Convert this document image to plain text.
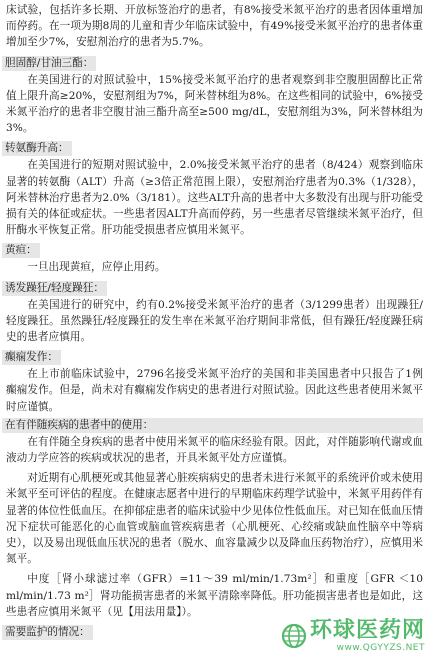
床试验，包括许多长期、开放标签治疗的患者，有8%接受米氮平治疗的患者因体重增加而停药。在一项为期8周的儿童和青少年临床试验中，有49%接受米氮平治疗的患者体重增加至少7%，安慰剂治疗的患者为5.7%。

胆固醇/甘油三酯：

在美国进行的对照试验中，15%接受米氮平治疗的患者观察到非空腹胆固醇比正常值上限升高≥20%，安慰剂组为7%，阿米替林组为8%。在这些相同的试验中，6%接受米氮平治疗的患者非空腹甘油三酯升高至≥500 mg/dL，安慰剂组为3%，阿米替林组为3%。

转氨酶升高：

在美国进行的短期对照试验中，2.0%接受米氮平治疗的患者（8/424）观察到临床显著的转氨酶（ALT）升高（≥3倍正常范围上限），安慰剂治疗患者为0.3%（1/328），阿米替林治疗患者为2.0%（3/181）。这些ALT升高的患者中大多数没有出现与肝功能受损有关的体征或症状。一些患者因ALT升高而停药，另一些患者尽管继续米氮平治疗，但肝酶水平恢复正常。肝功能受损患者应慎用米氮平。

黄疸：

一旦出现黄疸，应停止用药。

诱发躁狂/轻度躁狂：

在美国进行的研究中，约有0.2%接受米氮平治疗的患者（3/1299患者）出现躁狂/轻度躁狂。虽然躁狂/轻度躁狂的发生率在米氮平治疗期间非常低，但有躁狂/轻度躁狂病史的患者应慎用。

癫痫发作：

在上市前临床试验中，2796名接受米氮平治疗的美国和非美国患者中只报告了1例癫痫发作。但是，尚未对有癫痫发作病史的患者进行对照试验。因此这些患者使用米氮平时应谨慎。

在有伴随疾病的患者中的使用：

在有伴随全身疾病的患者中使用米氮平的临床经验有限。因此，对伴随影响代谢或血液动力学应答的疾病或状况的患者，开具米氮平处方应谨慎。

对近期有心肌梗死或其他显著心脏疾病病史的患者未进行米氮平的系统评价或未使用米氮平至可评估的程度。在健康志愿者中进行的早期临床药理学试验中，米氮平用药伴有显著的体位性低血压。在抑郁症患者的临床试验中少见体位性低血压。对已知在低血压情况下症状可能恶化的心血管或脑血管疾病患者（心肌梗死、心绞痛或缺血性脑卒中等病史），以及易出现低血压状况的患者（脱水、血容量减少以及降血压药物治疗），应慎用米氮平。

中度［肾小球滤过率（GFR）=11～39 ml/min/1.73m²］和重度［GFR ＜10 ml/min/1.73 m²］肾功能损害患者的米氮平清除率降低。肝功能损害患者也是如此，这些患者应慎用米氮平（见【用法用量】）。

需要监护的情况：	环球医药网
www.QGYYZS.NET
